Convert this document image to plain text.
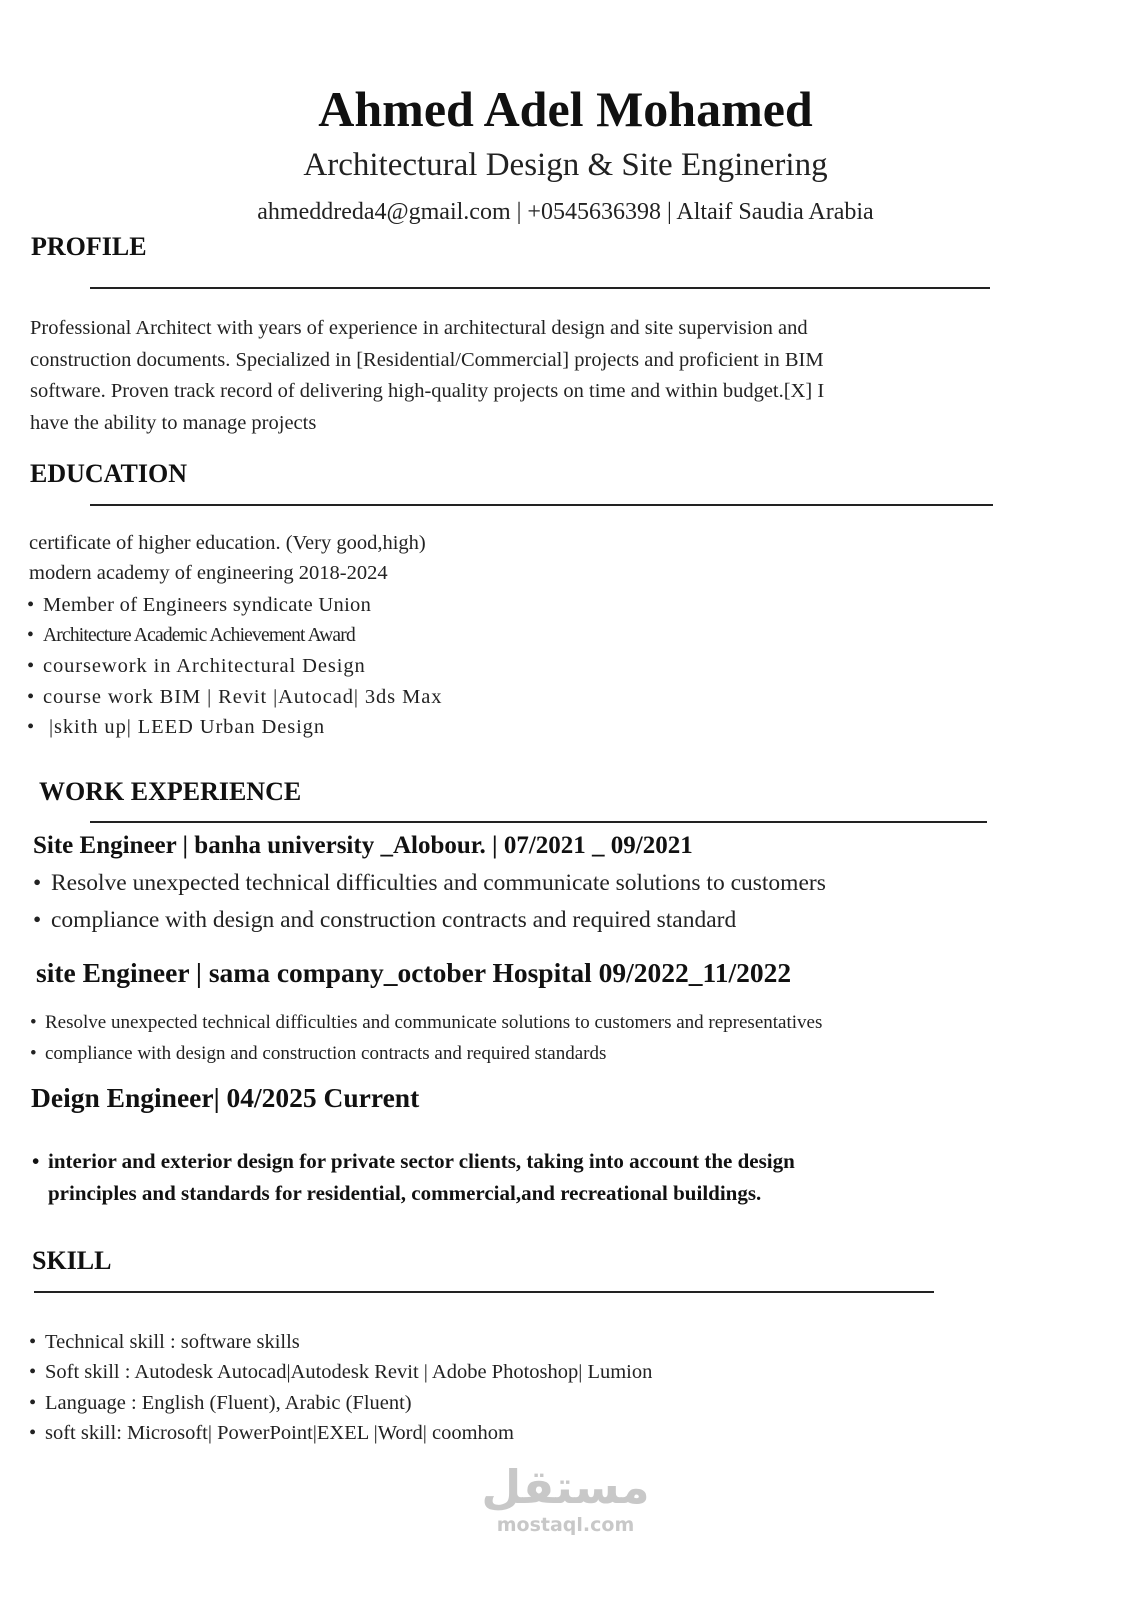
Ahmed Adel Mohamed
Architectural Design & Site Enginering
ahmeddreda4@gmail.com | +0545636398 | Altaif Saudia Arabia
PROFILE
Professional Architect with years of experience in architectural design and site supervision and
construction documents. Specialized in [Residential/Commercial] projects and proficient in BIM
software. Proven track record of delivering high-quality projects on time and within budget.[X] I
have the ability to manage projects
EDUCATION
certificate of higher education. (Very good,high)
modern academy of engineering 2018-2024
• Member of Engineers syndicate Union
• Architecture Academic Achievement Award
• coursework in Architectural Design
• course work BIM | Revit |Autocad| 3ds Max
• |skith up| LEED Urban Design
WORK EXPERIENCE
Site Engineer | banha university _Alobour. | 07/2021 _ 09/2021
• Resolve unexpected technical difficulties and communicate solutions to customers
• compliance with design and construction contracts and required standard
site Engineer | sama company_october Hospital 09/2022_11/2022
• Resolve unexpected technical difficulties and communicate solutions to customers and representatives
• compliance with design and construction contracts and required standards
Deign Engineer| 04/2025 Current
• interior and exterior design for private sector clients, taking into account the design
principles and standards for residential, commercial,and recreational buildings.
SKILL
• Technical skill : software skills
• Soft skill : Autodesk Autocad|Autodesk Revit | Adobe Photoshop| Lumion
• Language : English (Fluent), Arabic (Fluent)
• soft skill: Microsoft| PowerPoint|EXEL |Word| coomhom
مستقل
mostaql.com
